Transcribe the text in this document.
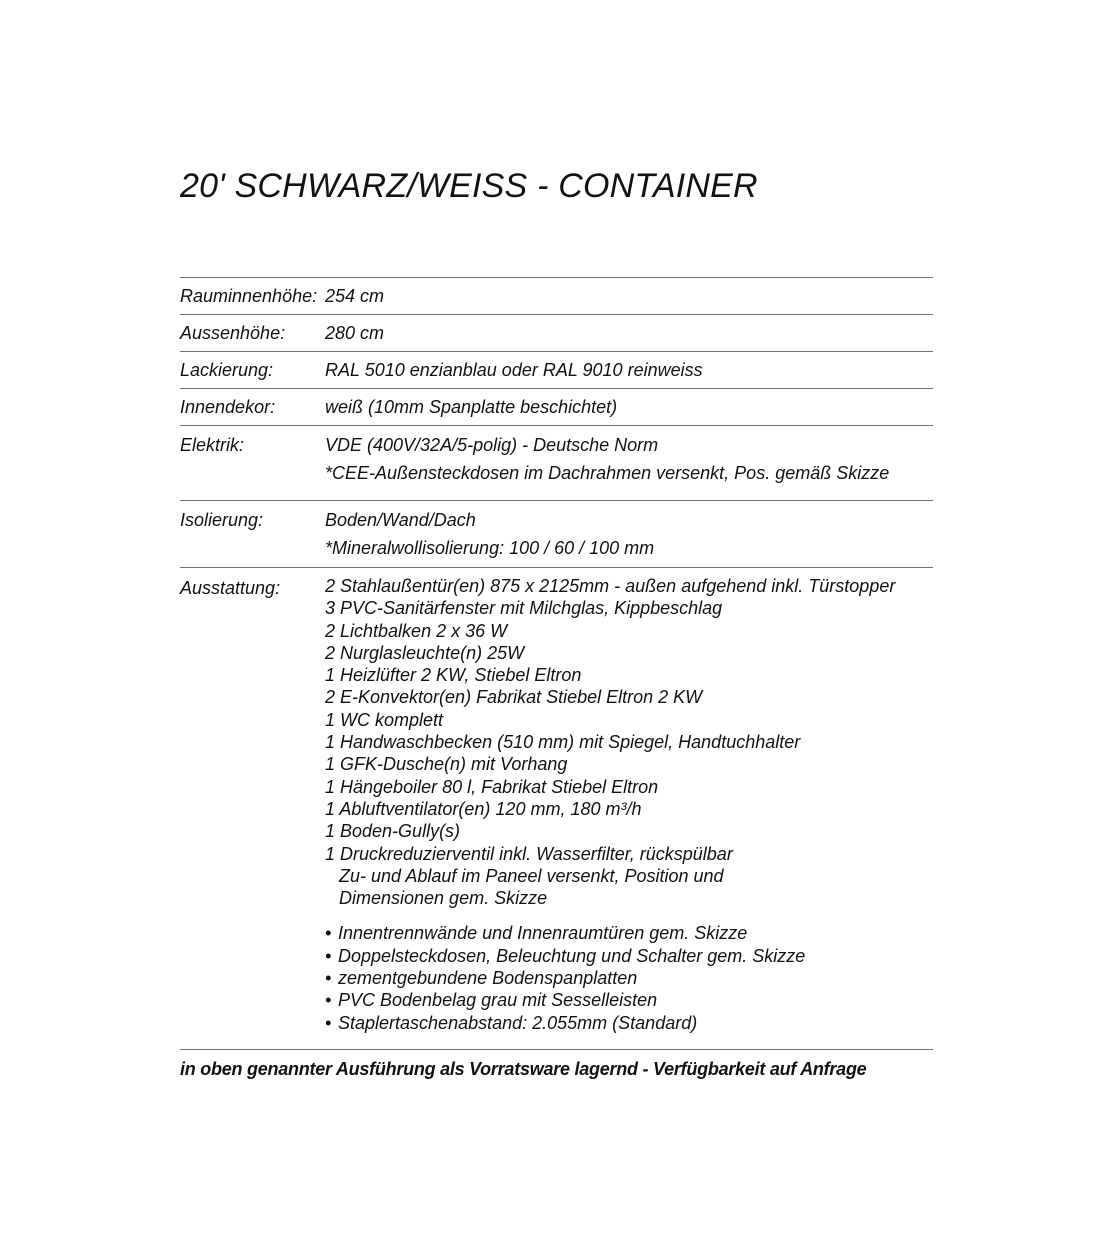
20' SCHWARZ/WEISS - CONTAINER
Rauminnenhöhe: 254 cm
Aussenhöhe:	280 cm
Lackierung:	RAL 5010 enzianblau oder RAL 9010 reinweiss
Innendekor:	weiß (10mm Spanplatte beschichtet)
Elektrik:	VDE (400V/32A/5-polig) - Deutsche Norm
*CEE-Außensteckdosen im Dachrahmen versenkt, Pos. gemäß Skizze
Isolierung:	Boden/Wand/Dach
*Mineralwollisolierung: 100 / 60 / 100 mm
Ausstattung:	2 Stahlaußentür(en) 875 x 2125mm - außen aufgehend inkl. Türstopper
3 PVC-Sanitärfenster mit Milchglas, Kippbeschlag
2 Lichtbalken 2 x 36 W
2 Nurglasleuchte(n) 25W
1 Heizlüfter 2 KW, Stiebel Eltron
2 E-Konvektor(en) Fabrikat Stiebel Eltron 2 KW
1 WC komplett
1 Handwaschbecken (510 mm) mit Spiegel, Handtuchhalter
1 GFK-Dusche(n) mit Vorhang
1 Hängeboiler 80 l, Fabrikat Stiebel Eltron
1 Abluftventilator(en) 120 mm, 180 m³/h
1 Boden-Gully(s)
1 Druckreduzierventil inkl. Wasserfilter, rückspülbar
Zu- und Ablauf im Paneel versenkt, Position und
Dimensionen gem. Skizze
• Innentrennwände und Innenraumtüren gem. Skizze
• Doppelsteckdosen, Beleuchtung und Schalter gem. Skizze
• zementgebundene Bodenspanplatten
• PVC Bodenbelag grau mit Sesselleisten
• Staplertaschenabstand: 2.055mm (Standard)
in oben genannter Ausführung als Vorratsware lagernd - Verfügbarkeit auf Anfrage
